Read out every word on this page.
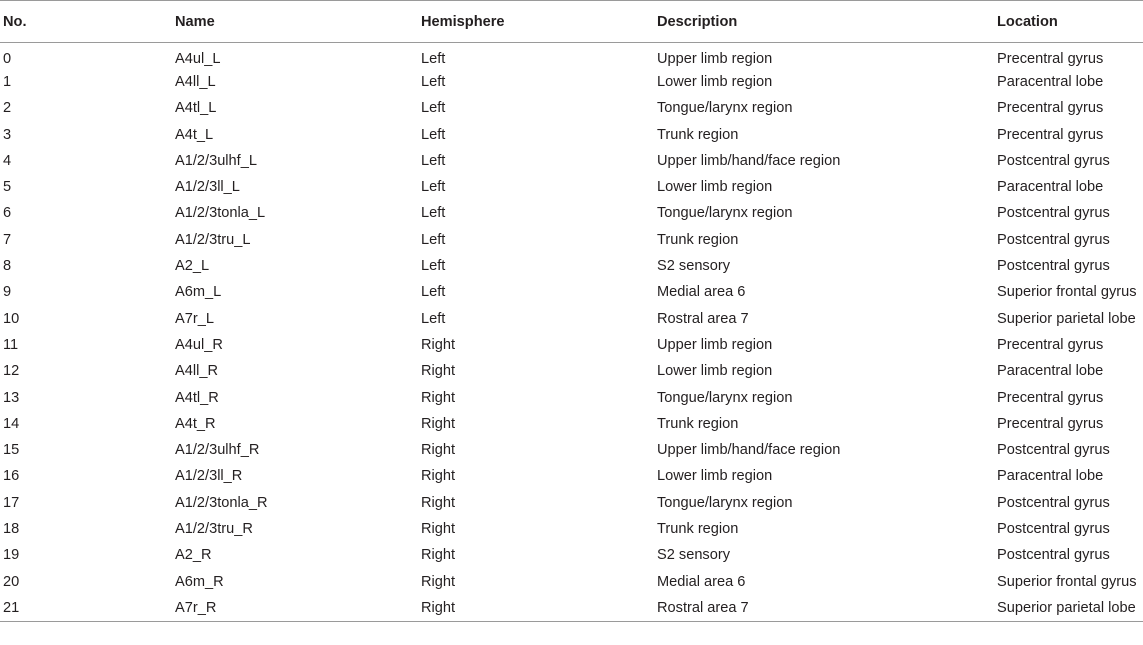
No.	Name	Hemisphere	Description	Location
0	A4ul_L	Left	Upper limb region	Precentral gyrus
1	A4ll_L	Left	Lower limb region	Paracentral lobe
2	A4tl_L	Left	Tongue/larynx region	Precentral gyrus
3	A4t_L	Left	Trunk region	Precentral gyrus
4	A1/2/3ulhf_L	Left	Upper limb/hand/face region	Postcentral gyrus
5	A1/2/3ll_L	Left	Lower limb region	Paracentral lobe
6	A1/2/3tonla_L	Left	Tongue/larynx region	Postcentral gyrus
7	A1/2/3tru_L	Left	Trunk region	Postcentral gyrus
8	A2_L	Left	S2 sensory	Postcentral gyrus
9	A6m_L	Left	Medial area 6	Superior frontal gyrus
10	A7r_L	Left	Rostral area 7	Superior parietal lobe
11	A4ul_R	Right	Upper limb region	Precentral gyrus
12	A4ll_R	Right	Lower limb region	Paracentral lobe
13	A4tl_R	Right	Tongue/larynx region	Precentral gyrus
14	A4t_R	Right	Trunk region	Precentral gyrus
15	A1/2/3ulhf_R	Right	Upper limb/hand/face region	Postcentral gyrus
16	A1/2/3ll_R	Right	Lower limb region	Paracentral lobe
17	A1/2/3tonla_R	Right	Tongue/larynx region	Postcentral gyrus
18	A1/2/3tru_R	Right	Trunk region	Postcentral gyrus
19	A2_R	Right	S2 sensory	Postcentral gyrus
20	A6m_R	Right	Medial area 6	Superior frontal gyrus
21	A7r_R	Right	Rostral area 7	Superior parietal lobe
